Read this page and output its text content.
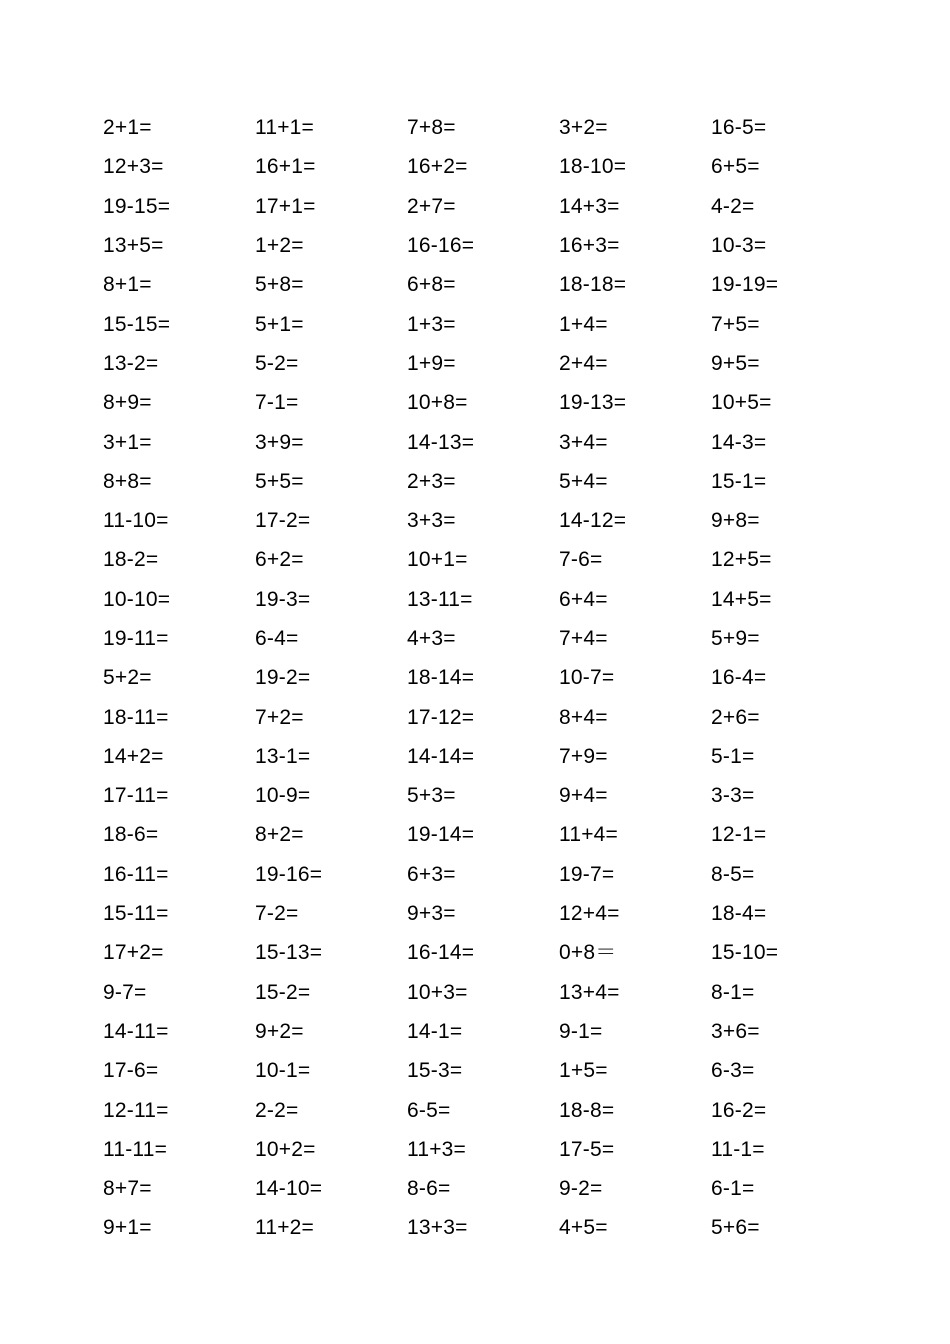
2+1=	11+1=	7+8=	3+2=	16-5=
12+3=	16+1=	16+2=	18-10=	6+5=
19-15=	17+1=	2+7=	14+3=	4-2=
13+5=	1+2=	16-16=	16+3=	10-3=
8+1=	5+8=	6+8=	18-18=	19-19=
15-15=	5+1=	1+3=	1+4=	7+5=
13-2=	5-2=	1+9=	2+4=	9+5=
8+9=	7-1=	10+8=	19-13=	10+5=
3+1=	3+9=	14-13=	3+4=	14-3=
8+8=	5+5=	2+3=	5+4=	15-1=
11-10=	17-2=	3+3=	14-12=	9+8=
18-2=	6+2=	10+1=	7-6=	12+5=
10-10=	19-3=	13-11=	6+4=	14+5=
19-11=	6-4=	4+3=	7+4=	5+9=
5+2=	19-2=	18-14=	10-7=	16-4=
18-11=	7+2=	17-12=	8+4=	2+6=
14+2=	13-1=	14-14=	7+9=	5-1=
17-11=	10-9=	5+3=	9+4=	3-3=
18-6=	8+2=	19-14=	11+4=	12-1=
16-11=	19-16=	6+3=	19-7=	8-5=
15-11=	7-2=	9+3=	12+4=	18-4=
17+2=	15-13=	16-14=	0+8＝	15-10=
9-7=	15-2=	10+3=	13+4=	8-1=
14-11=	9+2=	14-1=	9-1=	3+6=
17-6=	10-1=	15-3=	1+5=	6-3=
12-11=	2-2=	6-5=	18-8=	16-2=
11-11=	10+2=	11+3=	17-5=	11-1=
8+7=	14-10=	8-6=	9-2=	6-1=
9+1=	11+2=	13+3=	4+5=	5+6=
